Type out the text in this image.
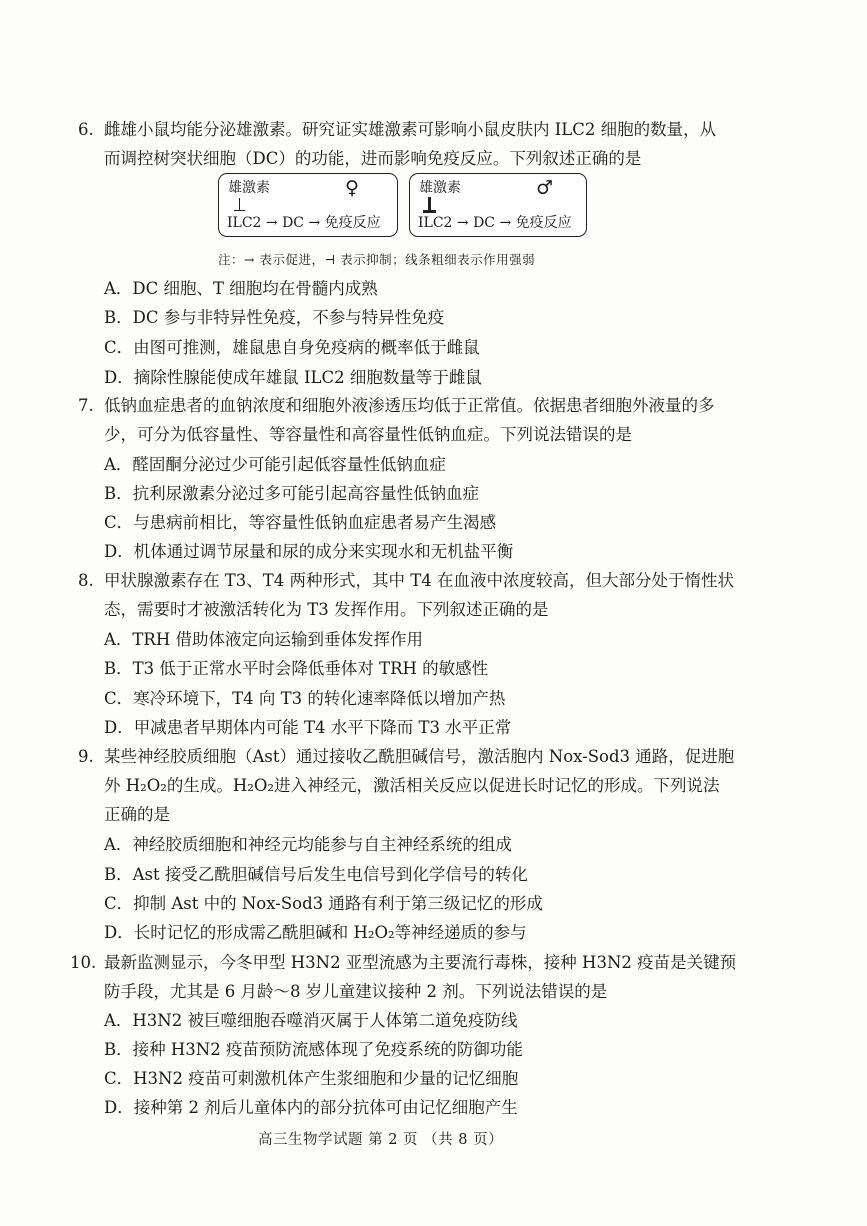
6. 雌雄小鼠均能分泌雄激素。研究证实雄激素可影响小鼠皮肤内 ILC2 细胞的数量，从
而调控树突状细胞（DC）的功能，进而影响免疫反应。下列叙述正确的是
雄激素	♀
ILC2 → DC → 免疫反应
雄激素	♂
ILC2 → DC → 免疫反应
注：→ 表示促进，⊣ 表示抑制；线条粗细表示作用强弱
A．DC 细胞、T 细胞均在骨髓内成熟
B．DC 参与非特异性免疫，不参与特异性免疫
C．由图可推测，雄鼠患自身免疫病的概率低于雌鼠
D．摘除性腺能使成年雄鼠 ILC2 细胞数量等于雌鼠
7. 低钠血症患者的血钠浓度和细胞外液渗透压均低于正常值。依据患者细胞外液量的多
少，可分为低容量性、等容量性和高容量性低钠血症。下列说法错误的是
A．醛固酮分泌过少可能引起低容量性低钠血症
B．抗利尿激素分泌过多可能引起高容量性低钠血症
C．与患病前相比，等容量性低钠血症患者易产生渴感
D．机体通过调节尿量和尿的成分来实现水和无机盐平衡
8. 甲状腺激素存在 T3、T4 两种形式，其中 T4 在血液中浓度较高，但大部分处于惰性状
态，需要时才被激活转化为 T3 发挥作用。下列叙述正确的是
A．TRH 借助体液定向运输到垂体发挥作用
B．T3 低于正常水平时会降低垂体对 TRH 的敏感性
C．寒冷环境下，T4 向 T3 的转化速率降低以增加产热
D．甲减患者早期体内可能 T4 水平下降而 T3 水平正常
9. 某些神经胶质细胞（Ast）通过接收乙酰胆碱信号，激活胞内 Nox-Sod3 通路，促进胞
外 H₂O₂的生成。H₂O₂进入神经元，激活相关反应以促进长时记忆的形成。下列说法
正确的是
A．神经胶质细胞和神经元均能参与自主神经系统的组成
B．Ast 接受乙酰胆碱信号后发生电信号到化学信号的转化
C．抑制 Ast 中的 Nox-Sod3 通路有利于第三级记忆的形成
D．长时记忆的形成需乙酰胆碱和 H₂O₂等神经递质的参与
10. 最新监测显示，今冬甲型 H3N2 亚型流感为主要流行毒株，接种 H3N2 疫苗是关键预
防手段，尤其是 6 月龄～8 岁儿童建议接种 2 剂。下列说法错误的是
A．H3N2 被巨噬细胞吞噬消灭属于人体第二道免疫防线
B．接种 H3N2 疫苗预防流感体现了免疫系统的防御功能
C．H3N2 疫苗可刺激机体产生浆细胞和少量的记忆细胞
D．接种第 2 剂后儿童体内的部分抗体可由记忆细胞产生
高三生物学试题 第 2 页 （共 8 页）
